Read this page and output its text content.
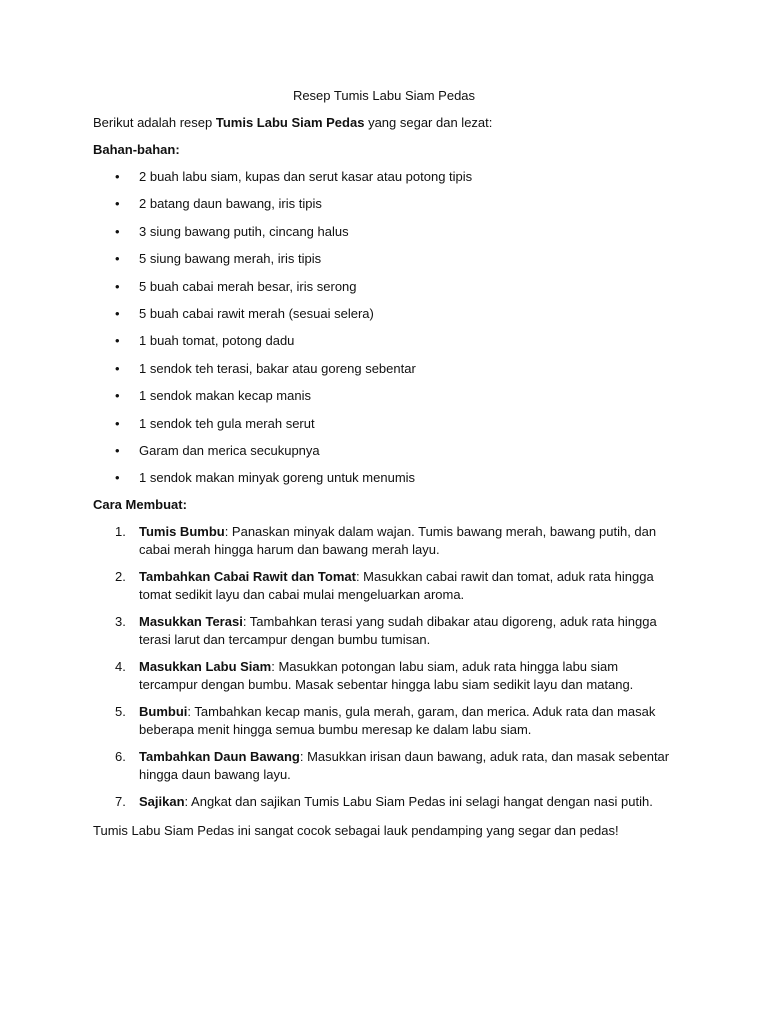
Resep Tumis Labu Siam Pedas
Berikut adalah resep Tumis Labu Siam Pedas yang segar dan lezat:
Bahan-bahan:
• 2 buah labu siam, kupas dan serut kasar atau potong tipis
• 2 batang daun bawang, iris tipis
• 3 siung bawang putih, cincang halus
• 5 siung bawang merah, iris tipis
• 5 buah cabai merah besar, iris serong
• 5 buah cabai rawit merah (sesuai selera)
• 1 buah tomat, potong dadu
• 1 sendok teh terasi, bakar atau goreng sebentar
• 1 sendok makan kecap manis
• 1 sendok teh gula merah serut
• Garam dan merica secukupnya
• 1 sendok makan minyak goreng untuk menumis
Cara Membuat:
1. Tumis Bumbu: Panaskan minyak dalam wajan. Tumis bawang merah, bawang putih, dan cabai merah hingga harum dan bawang merah layu.
2. Tambahkan Cabai Rawit dan Tomat: Masukkan cabai rawit dan tomat, aduk rata hingga tomat sedikit layu dan cabai mulai mengeluarkan aroma.
3. Masukkan Terasi: Tambahkan terasi yang sudah dibakar atau digoreng, aduk rata hingga terasi larut dan tercampur dengan bumbu tumisan.
4. Masukkan Labu Siam: Masukkan potongan labu siam, aduk rata hingga labu siam tercampur dengan bumbu. Masak sebentar hingga labu siam sedikit layu dan matang.
5. Bumbui: Tambahkan kecap manis, gula merah, garam, dan merica. Aduk rata dan masak beberapa menit hingga semua bumbu meresap ke dalam labu siam.
6. Tambahkan Daun Bawang: Masukkan irisan daun bawang, aduk rata, dan masak sebentar hingga daun bawang layu.
7. Sajikan: Angkat dan sajikan Tumis Labu Siam Pedas ini selagi hangat dengan nasi putih.
Tumis Labu Siam Pedas ini sangat cocok sebagai lauk pendamping yang segar dan pedas!
